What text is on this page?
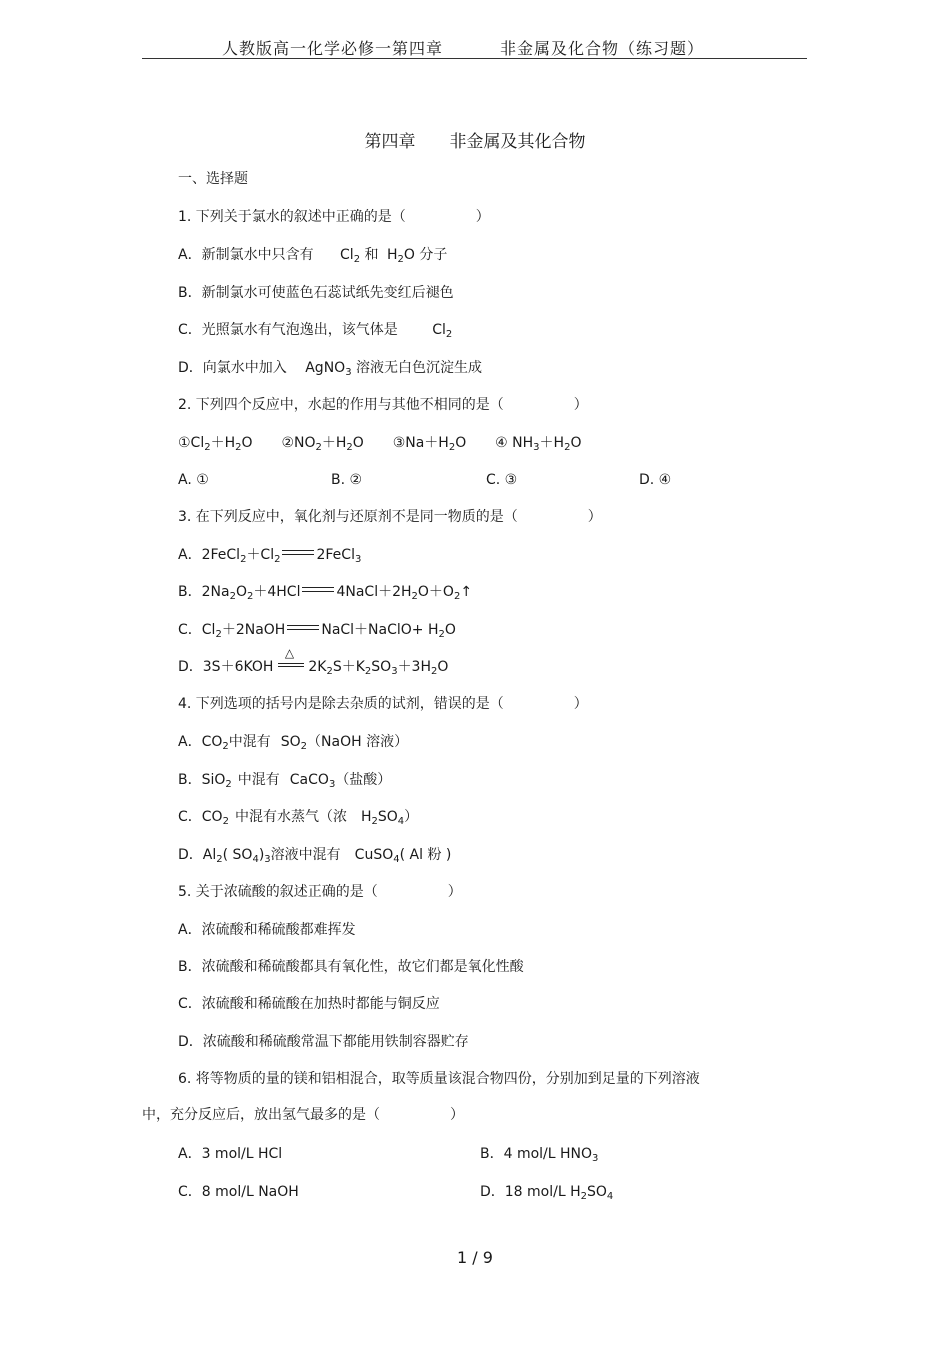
人教版高一化学必修一第四章	非金属及化合物（练习题）
第四章 非金属及其化合物
一、选择题
1. 下列关于氯水的叙述中正确的是（　　　　　）
A．新制氯水中只含有 $Cl_2$ 和 $H_2O$ 分子
B．新制氯水可使蓝色石蕊试纸先变红后褪色
C．光照氯水有气泡逸出，该气体是 $Cl_2$
D．向氯水中加入 AgNO$_3$ 溶液无白色沉淀生成
2. 下列四个反应中，水起的作用与其他不相同的是（　　　　　）
$①Cl_2+H_2O$ $②NO_2+H_2O$ $③Na+H_2O$ ④ $NH_3+H_2O$
A. ①	B. ②	C. ③	D. ④
3. 在下列反应中，氧化剂与还原剂不是同一物质的是（　　　　　）
A．$2FeCl_2+Cl_2$	2FeCl$_3$
B．$2Na_2O_2+4HCl$	$4NaCl+2H_2O+O_2↑$
C．$Cl_2+2NaOH$	NaCl＋NaClO+ $H_2O$
D．3S＋6KOH
△
$2K_2S+K_2SO_3+3H_2O$
4. 下列选项的括号内是除去杂质的试剂，错误的是（　　　　　）
A．$CO_2$中混有 $SO_2(NaOH$ 溶液）
B．SiO$_2$ 中混有 CaCO$_3$（盐酸）
C．$CO_2$ 中混有水蒸气（浓 $H_2SO_4$）
D．$Al_2$( $SO_4)_3$溶液中混有 CuSO$_4$( Al 粉 )
5. 关于浓硫酸的叙述正确的是（　　　　　）
A．浓硫酸和稀硫酸都难挥发
B．浓硫酸和稀硫酸都具有氧化性，故它们都是氧化性酸
C．浓硫酸和稀硫酸在加热时都能与铜反应
D．浓硫酸和稀硫酸常温下都能用铁制容器贮存
6. 将等物质的量的镁和铝相混合，取等质量该混合物四份，分别加到足量的下列溶液
中，充分反应后，放出氢气最多的是（　　　　　）
A．3 mol/L HCl	B．4 mol/L $HNO_3$
C．8 mol/L NaOH	D．18 mol/L $H_2SO_4$
1 / 9
